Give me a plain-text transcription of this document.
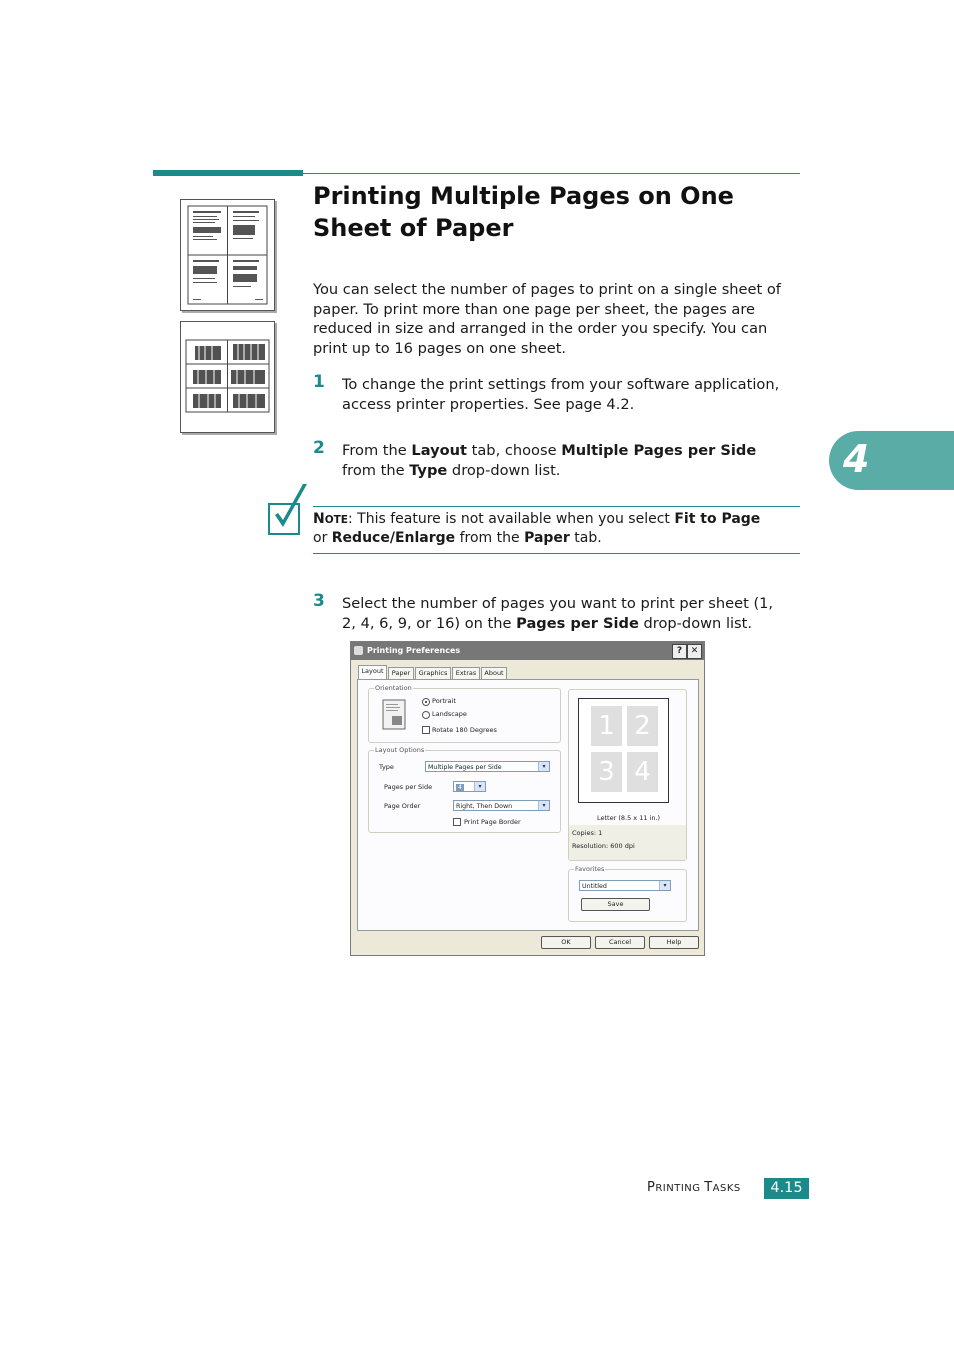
Printing Multiple Pages on One
Sheet of Paper
You can select the number of pages to print on a single sheet of
paper. To print more than one page per sheet, the pages are
reduced in size and arranged in the order you specify. You can
print up to 16 pages on one sheet.
1 To change the print settings from your software application,
access printer properties. See page 4.2.
2 From the Layout tab, choose Multiple Pages per Side
from the Type drop-down list.
NOTE: This feature is not available when you select Fit to Page
or Reduce/Enlarge from the Paper tab.
3 Select the number of pages you want to print per sheet (1,
2, 4, 6, 9, or 16) on the Pages per Side drop-down list.
4
Printing Preferences	? ✕
Layout	Paper	Graphics	Extras	About
Orientation
Portrait
Landscape
Rotate 180 Degrees
Layout Options
Type	Multiple Pages per Side	▾
Pages per Side	4	▾
Page Order	Right, Then Down	▾
Print Page Border
1 2
3 4
Letter (8.5 x 11 in.)
Copies: 1
Resolution: 600 dpi
Favorites
Untitled	▾
Save
OK	Cancel	Help
PRINTING TASKS	4.15
